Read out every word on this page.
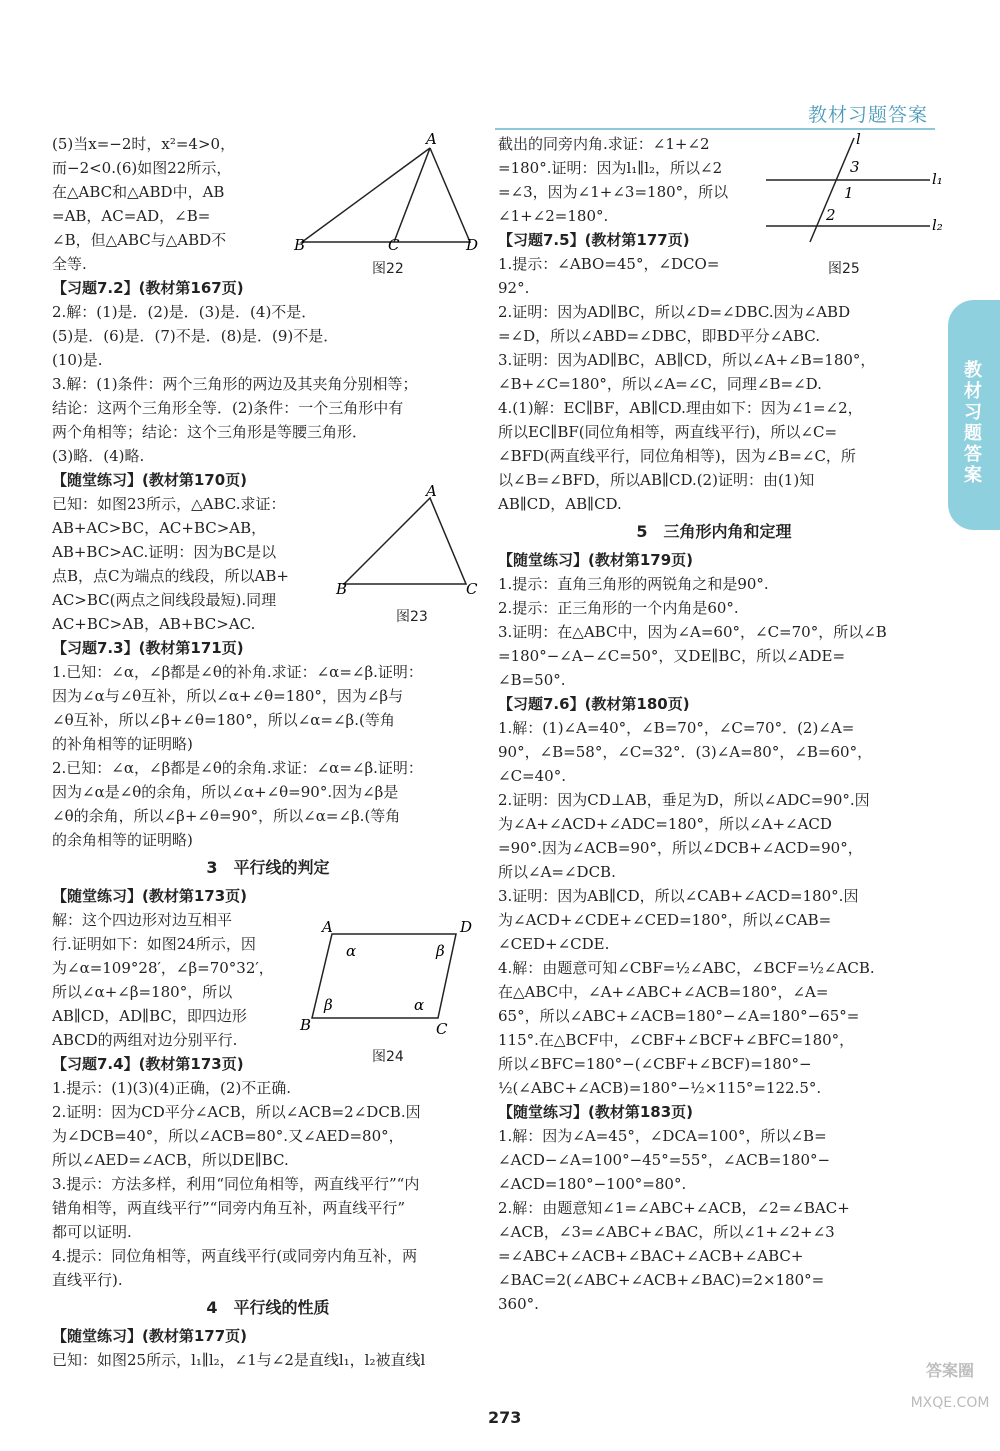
教材习题答案
教材习题答案

(5)当x=−2时，x²=4>0，

而−2<0.(6)如图22所示，

在△ABC和△ABD中，AB

=AB，AC=AD，∠B=

∠B，但△ABC与△ABD不

全等.

【习题7.2】(教材第167页)

2.解：(1)是．(2)是．(3)是．(4)不是．

(5)是．(6)是．(7)不是．(8)是．(9)不是．

(10)是.

3.解：(1)条件：两个三角形的两边及其夹角分别相等；

结论：这两个三角形全等．(2)条件：一个三角形中有

两个角相等；结论：这个三角形是等腰三角形．

(3)略．(4)略.

【随堂练习】(教材第170页)

已知：如图23所示，△ABC.求证：

AB+AC>BC，AC+BC>AB，

AB+BC>AC.证明：因为BC是以

点B，点C为端点的线段，所以AB+

AC>BC(两点之间线段最短).同理

AC+BC>AB，AB+BC>AC.

【习题7.3】(教材第171页)

1.已知：∠α，∠β都是∠θ的补角.求证：∠α=∠β.证明：

因为∠α与∠θ互补，所以∠α+∠θ=180°，因为∠β与

∠θ互补，所以∠β+∠θ=180°，所以∠α=∠β.(等角

的补角相等的证明略)

2.已知：∠α，∠β都是∠θ的余角.求证：∠α=∠β.证明：

因为∠α是∠θ的余角，所以∠α+∠θ=90°.因为∠β是

∠θ的余角，所以∠β+∠θ=90°，所以∠α=∠β.(等角

的余角相等的证明略)

3　平行线的判定

【随堂练习】(教材第173页)

解：这个四边形对边互相平

行.证明如下：如图24所示，因

为∠α=109°28′，∠β=70°32′，

所以∠α+∠β=180°，所以

AB∥CD，AD∥BC，即四边形

ABCD的两组对边分别平行.

【习题7.4】(教材第173页)

1.提示：(1)(3)(4)正确，(2)不正确.

2.证明：因为CD平分∠ACB，所以∠ACB=2∠DCB.因

为∠DCB=40°，所以∠ACB=80°.又∠AED=80°，

所以∠AED=∠ACB，所以DE∥BC.

3.提示：方法多样，利用“同位角相等，两直线平行”“内

错角相等，两直线平行”“同旁内角互补，两直线平行”

都可以证明.

4.提示：同位角相等，两直线平行(或同旁内角互补，两

直线平行).

4　平行线的性质

【随堂练习】(教材第177页)

已知：如图25所示，l₁∥l₂，∠1与∠2是直线l₁，l₂被直线l

截出的同旁内角.求证：∠1+∠2

=180°.证明：因为l₁∥l₂，所以∠2

=∠3，因为∠1+∠3=180°，所以

∠1+∠2=180°.

【习题7.5】(教材第177页)

1.提示：∠ABO=45°，∠DCO=

92°.

2.证明：因为AD∥BC，所以∠D=∠DBC.因为∠ABD

=∠D，所以∠ABD=∠DBC，即BD平分∠ABC.

3.证明：因为AD∥BC，AB∥CD，所以∠A+∠B=180°，

∠B+∠C=180°，所以∠A=∠C，同理∠B=∠D.

4.(1)解：EC∥BF，AB∥CD.理由如下：因为∠1=∠2，

所以EC∥BF(同位角相等，两直线平行)，所以∠C=

∠BFD(两直线平行，同位角相等)，因为∠B=∠C，所

以∠B=∠BFD，所以AB∥CD.(2)证明：由(1)知

AB∥CD，AB∥CD.

5　三角形内角和定理

【随堂练习】(教材第179页)

1.提示：直角三角形的两锐角之和是90°.

2.提示：正三角形的一个内角是60°.

3.证明：在△ABC中，因为∠A=60°，∠C=70°，所以∠B

=180°−∠A−∠C=50°，又DE∥BC，所以∠ADE=

∠B=50°.

【习题7.6】(教材第180页)

1.解：(1)∠A=40°，∠B=70°，∠C=70°．(2)∠A=

90°，∠B=58°，∠C=32°．(3)∠A=80°，∠B=60°，

∠C=40°.

2.证明：因为CD⊥AB，垂足为D，所以∠ADC=90°.因

为∠A+∠ACD+∠ADC=180°，所以∠A+∠ACD

=90°.因为∠ACB=90°，所以∠DCB+∠ACD=90°，

所以∠A=∠DCB.

3.证明：因为AB∥CD，所以∠CAB+∠ACD=180°.因

为∠ACD+∠CDE+∠CED=180°，所以∠CAB=

∠CED+∠CDE.

4.解：由题意可知∠CBF=½∠ABC，∠BCF=½∠ACB.

在△ABC中，∠A+∠ABC+∠ACB=180°，∠A=

65°，所以∠ABC+∠ACB=180°−∠A=180°−65°=

115°.在△BCF中，∠CBF+∠BCF+∠BFC=180°，

所以∠BFC=180°−(∠CBF+∠BCF)=180°−

½(∠ABC+∠ACB)=180°−½×115°=122.5°.

【随堂练习】(教材第183页)

1.解：因为∠A=45°，∠DCA=100°，所以∠B=

∠ACD−∠A=100°−45°=55°，∠ACB=180°−

∠ACD=180°−100°=80°.

2.解：由题意知∠1=∠ABC+∠ACB，∠2=∠BAC+

∠ACB，∠3=∠ABC+∠BAC，所以∠1+∠2+∠3

=∠ABC+∠ACB+∠BAC+∠ACB+∠ABC+

∠BAC=2(∠ABC+∠ACB+∠BAC)=2×180°=

360°.

A
B	C	D
图22
A
B	C
图23
A
B	C
D
α	β
β	α
图24
l
3
l₁
1
2
l₂
图25
273
答案圈
MXQE.COM
